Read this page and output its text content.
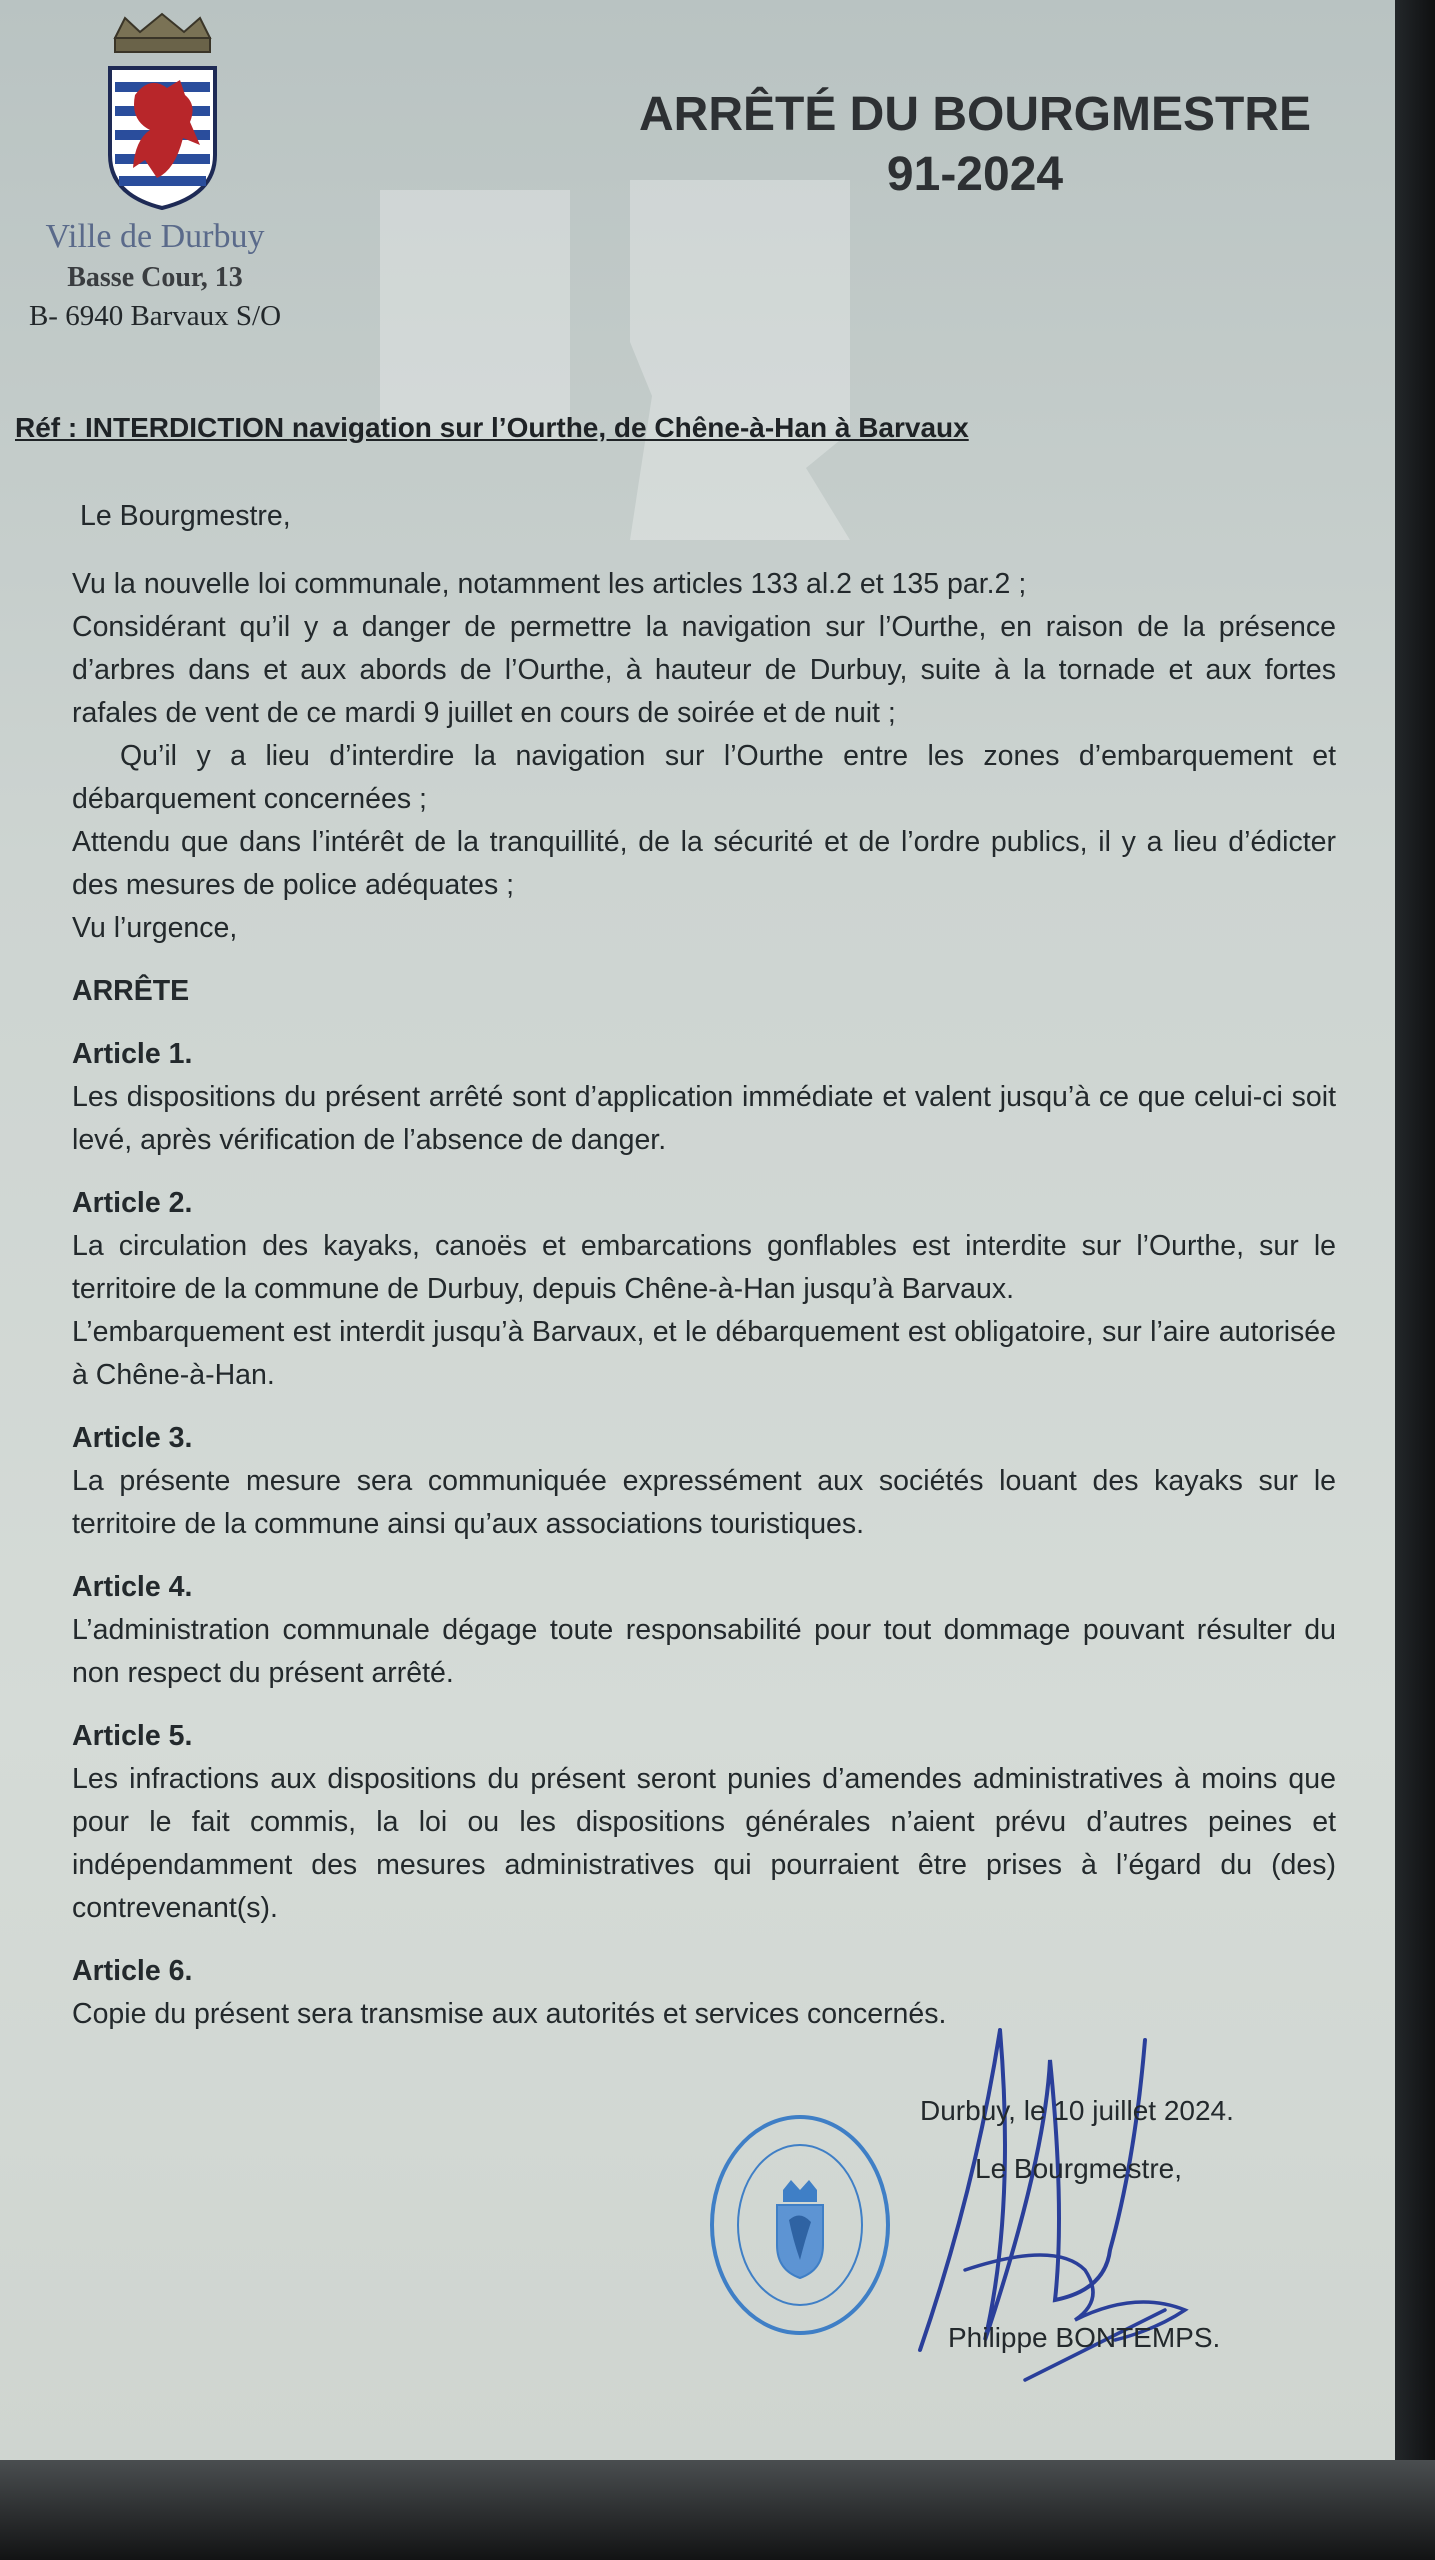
Ville de Durbuy
Basse Cour, 13
B- 6940 Barvaux S/O
ARRÊTÉ DU BOURGMESTRE
91-2024
Réf : INTERDICTION navigation sur l’Ourthe, de Chêne-à-Han à Barvaux

Le Bourgmestre,

Vu la nouvelle loi communale, notamment les articles 133 al.2 et 135 par.2 ;

Considérant qu’il y a danger de permettre la navigation sur l’Ourthe, en raison de la présence d’arbres dans et aux abords de l’Ourthe, à hauteur de Durbuy, suite à la tornade et aux fortes rafales de vent de ce mardi 9 juillet en cours de soirée et de nuit ;

Qu’il y a lieu d’interdire la navigation sur l’Ourthe entre les zones d’embarquement et débarquement concernées ;

Attendu que dans l’intérêt de la tranquillité, de la sécurité et de l’ordre publics, il y a lieu d’édicter des mesures de police adéquates ;

Vu l’urgence,

ARRÊTE

Article 1.

Les dispositions du présent arrêté sont d’application immédiate et valent jusqu’à ce que celui-ci soit levé, après vérification de l’absence de danger.

Article 2.

La circulation des kayaks, canoës et embarcations gonflables est interdite sur l’Ourthe, sur le territoire de la commune de Durbuy, depuis Chêne-à-Han jusqu’à Barvaux.

L’embarquement est interdit jusqu’à Barvaux, et le débarquement est obligatoire, sur l’aire autorisée à Chêne-à-Han.

Article 3.

La présente mesure sera communiquée expressément aux sociétés louant des kayaks sur le territoire de la commune ainsi qu’aux associations touristiques.

Article 4.

L’administration communale dégage toute responsabilité pour tout dommage pouvant résulter du non respect du présent arrêté.

Article 5.

Les infractions aux dispositions du présent seront punies d’amendes administratives à moins que pour le fait commis, la loi ou les dispositions générales n’aient prévu d’autres peines et indépendamment des mesures administratives qui pourraient être prises à l’égard du (des) contrevenant(s).

Article 6.

Copie du présent sera transmise aux autorités et services concernés.

Durbuy, le 10 juillet 2024.
Le Bourgmestre,
Philippe BONTEMPS.
